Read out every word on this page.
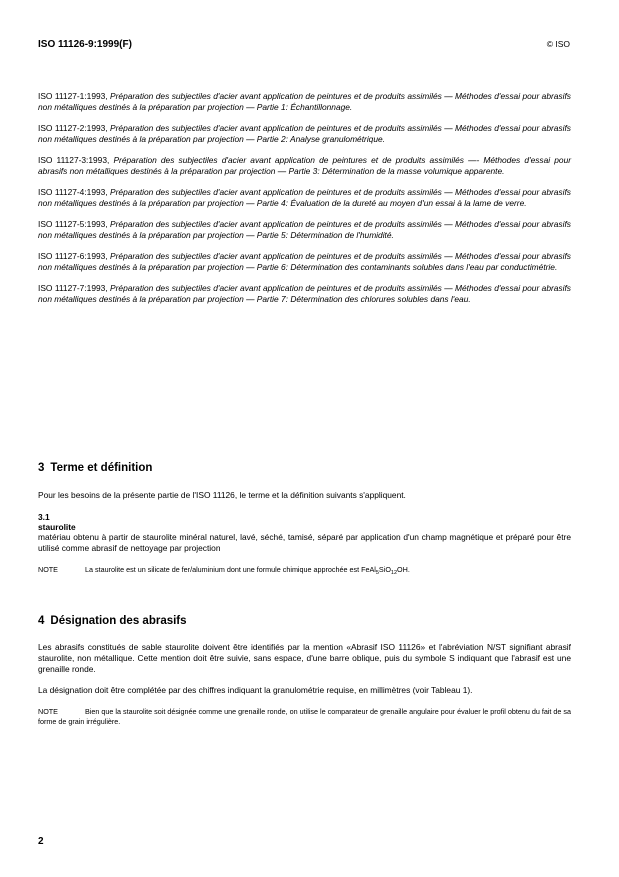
ISO 11126-9:1999(F)	© ISO

ISO 11127-1:1993, Préparation des subjectiles d'acier avant application de peintures et de produits assimilés — Méthodes d'essai pour abrasifs non métalliques destinés à la préparation par projection — Partie 1: Échantillonnage.

ISO 11127-2:1993, Préparation des subjectiles d'acier avant application de peintures et de produits assimilés — Méthodes d'essai pour abrasifs non métalliques destinés à la préparation par projection — Partie 2: Analyse granulométrique.

ISO 11127-3:1993, Préparation des subjectiles d'acier avant application de peintures et de produits assimilés —- Méthodes d'essai pour abrasifs non métalliques destinés à la préparation par projection — Partie 3: Détermination de la masse volumique apparente.

ISO 11127-4:1993, Préparation des subjectiles d'acier avant application de peintures et de produits assimilés — Méthodes d'essai pour abrasifs non métalliques destinés à la préparation par projection — Partie 4: Évaluation de la dureté au moyen d'un essai à la lame de verre.

ISO 11127-5:1993, Préparation des subjectiles d'acier avant application de peintures et de produits assimilés — Méthodes d'essai pour abrasifs non métalliques destinés à la préparation par projection — Partie 5: Détermination de l'humidité.

ISO 11127-6:1993, Préparation des subjectiles d'acier avant application de peintures et de produits assimilés — Méthodes d'essai pour abrasifs non métalliques destinés à la préparation par projection — Partie 6: Détermination des contaminants solubles dans l'eau par conductimétrie.

ISO 11127-7:1993, Préparation des subjectiles d'acier avant application de peintures et de produits assimilés — Méthodes d'essai pour abrasifs non métalliques destinés à la préparation par projection — Partie 7: Détermination des chlorures solubles dans l'eau.

3 Terme et définition

Pour les besoins de la présente partie de l'ISO 11126, le terme et la définition suivants s'appliquent.

3.1
staurolite

matériau obtenu à partir de staurolite minéral naturel, lavé, séché, tamisé, séparé par application d'un champ magnétique et préparé pour être utilisé comme abrasif de nettoyage par projection

NOTE	La staurolite est un silicate de fer/aluminium dont une formule chimique approchée est FeAl$_5$SiO$_{12}$OH.

4 Désignation des abrasifs

Les abrasifs constitués de sable staurolite doivent être identifiés par la mention «Abrasif ISO 11126» et l'abréviation N/ST signifiant abrasif staurolite, non métallique. Cette mention doit être suivie, sans espace, d'une barre oblique, puis du symbole S indiquant que l'abrasif est une grenaille ronde.

La désignation doit être complétée par des chiffres indiquant la granulométrie requise, en millimètres (voir Tableau 1).

NOTE	Bien que la staurolite soit désignée comme une grenaille ronde, on utilise le comparateur de grenaille angulaire pour évaluer le profil obtenu du fait de sa forme de grain irrégulière.

2
